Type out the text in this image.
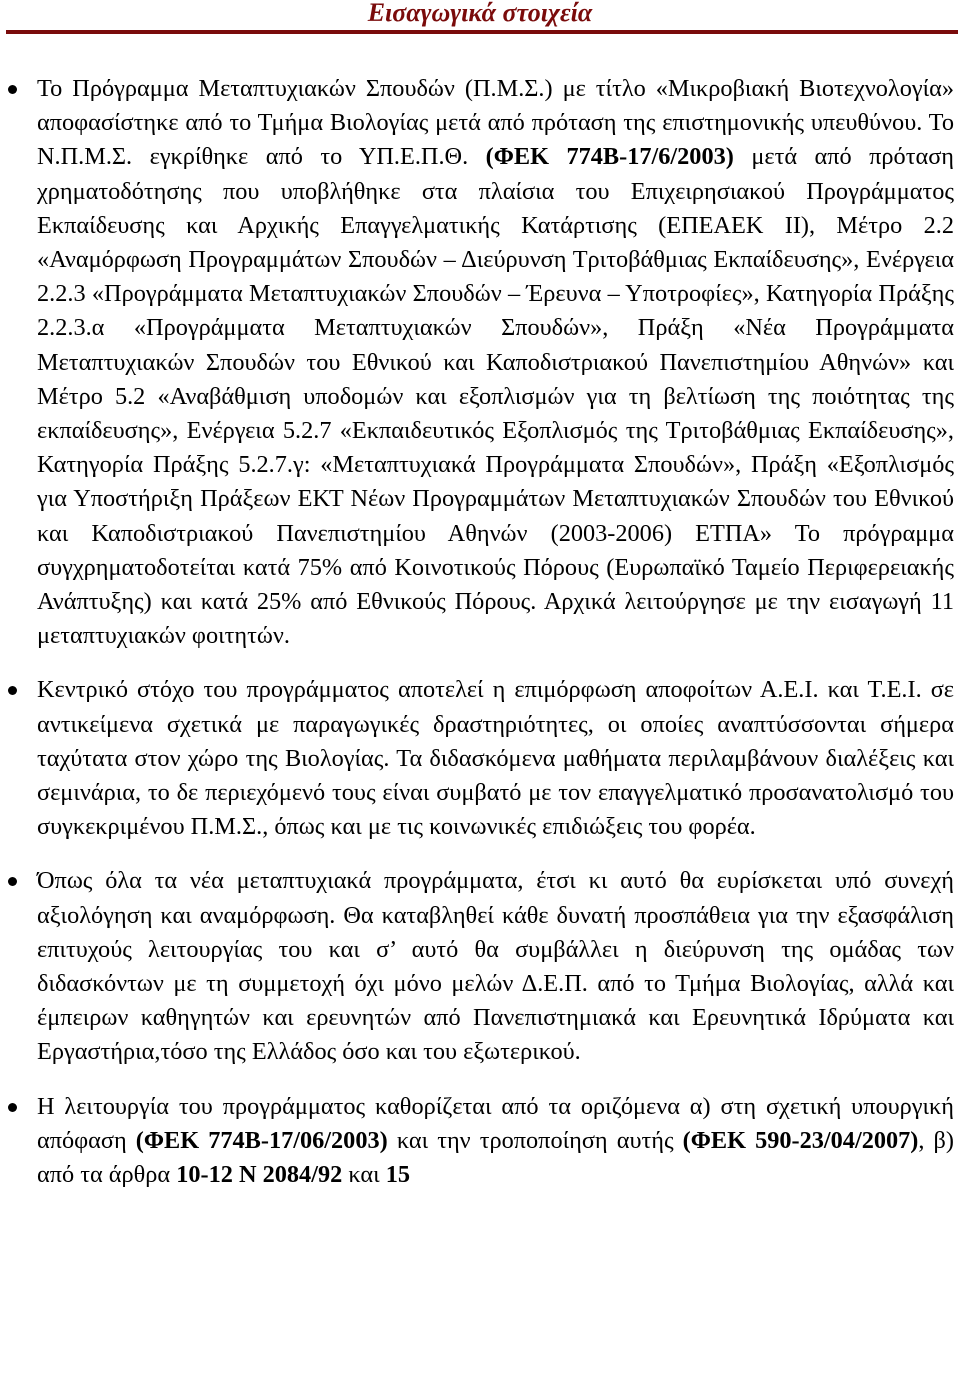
Εισαγωγικά στοιχεία

Το Πρόγραμμα Μεταπτυχιακών Σπουδών (Π.Μ.Σ.) με τίτλο «Μικροβιακή Βιοτεχνολογία» αποφασίστηκε από το Τμήμα Βιολογίας μετά από πρόταση της επιστημονικής υπευθύνου. Το Ν.Π.Μ.Σ. εγκρίθηκε από το ΥΠ.Ε.Π.Θ. (ΦΕΚ 774Β-17/6/2003) μετά από πρόταση χρηματοδότησης που υποβλήθηκε στα πλαίσια του Επιχειρησιακού Προγράμματος Εκπαίδευσης και Αρχικής Επαγγελματικής Κατάρτισης (ΕΠΕΑΕΚ ΙΙ), Μέτρο 2.2 «Αναμόρφωση Προγραμμάτων Σπουδών – Διεύρυνση Τριτοβάθμιας Εκπαίδευσης», Ενέργεια 2.2.3 «Προγράμματα Μεταπτυχιακών Σπουδών – Έρευνα – Υποτροφίες», Κατηγορία Πράξης 2.2.3.α «Προγράμματα Μεταπτυχιακών Σπουδών», Πράξη «Νέα Προγράμματα Μεταπτυχιακών Σπουδών του Εθνικού και Καποδιστριακού Πανεπιστημίου Αθηνών» και Μέτρο 5.2 «Αναβάθμιση υποδομών και εξοπλισμών για τη βελτίωση της ποιότητας της εκπαίδευσης», Ενέργεια 5.2.7 «Εκπαιδευτικός Εξοπλισμός της Τριτοβάθμιας Εκπαίδευσης», Κατηγορία Πράξης 5.2.7.γ: «Μεταπτυχιακά Προγράμματα Σπουδών», Πράξη «Εξοπλισμός για Υποστήριξη Πράξεων ΕΚΤ Νέων Προγραμμάτων Μεταπτυχιακών Σπουδών του Εθνικού και Καποδιστριακού Πανεπιστημίου Αθηνών (2003-2006) ΕΤΠΑ» Το πρόγραμμα συγχρηματοδοτείται κατά 75% από Κοινοτικούς Πόρους (Ευρωπαϊκό Ταμείο Περιφερειακής Ανάπτυξης) και κατά 25% από Εθνικούς Πόρους. Αρχικά λειτούργησε με την εισαγωγή 11 μεταπτυχιακών φοιτητών.

Κεντρικό στόχο του προγράμματος αποτελεί η επιμόρφωση αποφοίτων Α.Ε.Ι. και Τ.Ε.Ι. σε αντικείμενα σχετικά με παραγωγικές δραστηριότητες, οι οποίες αναπτύσσονται σήμερα ταχύτατα στον χώρο της Βιολογίας. Τα διδασκόμενα μαθήματα περιλαμβάνουν διαλέξεις και σεμινάρια, το δε περιεχόμενό τους είναι συμβατό με τον επαγγελματικό προσανατολισμό του συγκεκριμένου Π.Μ.Σ., όπως και με τις κοινωνικές επιδιώξεις του φορέα.

Όπως όλα τα νέα μεταπτυχιακά προγράμματα, έτσι κι αυτό θα ευρίσκεται υπό συνεχή αξιολόγηση και αναμόρφωση. Θα καταβληθεί κάθε δυνατή προσπάθεια για την εξασφάλιση επιτυχούς λειτουργίας του και σ’ αυτό θα συμβάλλει η διεύρυνση της ομάδας των διδασκόντων με τη συμμετοχή όχι μόνο μελών Δ.Ε.Π. από το Τμήμα Βιολογίας, αλλά και έμπειρων καθηγητών και ερευνητών από Πανεπιστημιακά και Ερευνητικά Ιδρύματα και Εργαστήρια,τόσο της Ελλάδος όσο και του εξωτερικού.

Η λειτουργία του προγράμματος καθορίζεται από τα οριζόμενα α) στη σχετική υπουργική απόφαση (ΦΕΚ 774Β-17/06/2003) και την τροποποίηση αυτής (ΦΕΚ 590-23/04/2007), β) από τα άρθρα 10-12 Ν 2084/92 και 15
